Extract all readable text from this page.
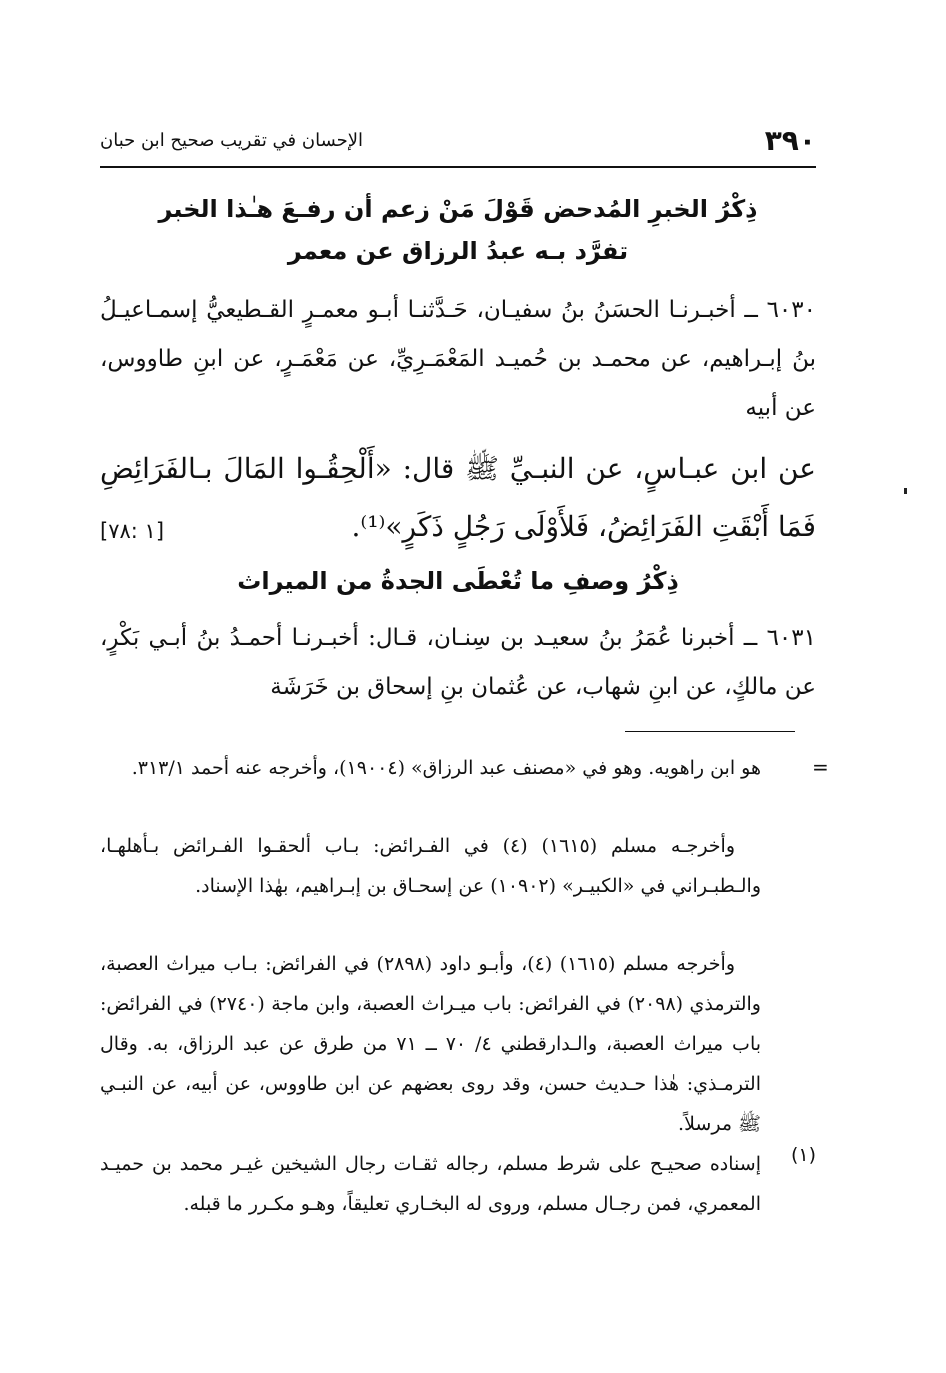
٣٩٠
الإحسان في تقريب صحيح ابن حبان
ذِكْرُ الخبرِ المُدحض قَوْلَ مَنْ زعم أن رفـعَ هـٰذا الخبر
تفرَّد بـه عبدُ الرزاق عن معمر
٦٠٣٠ ــ أخبـرنـا الحسَنُ بنُ سفيـان، حَـدَّثنـا أبـو معمـرٍ القـطيعيُّ إسمـاعيـلُ بنُ إبـراهيم، عن محمـد بن حُميـد المَعْمَـرِيِّ، عن مَعْمَـرٍ، عن ابنِ طاووس، عن أبيه
عن ابن عبـاسٍ، عن النبـيِّ ﷺ قال: «أَلْحِقُـوا المَالَ بـالفَرَائِضِ فَمَا أَبْقَتِ الفَرَائِضُ، فَلأَوْلَى رَجُلٍ ذَكَرٍ»⁽¹⁾.
[١ :٧٨]
ذِكْرُ وصفِ ما تُعْطَى الجدةُ من الميراث
٦٠٣١ ــ أخبرنا عُمَرُ بنُ سعيـد بن سِنـان، قـال: أخبـرنـا أحمـدُ بنُ أبـي بَكْرٍ، عن مالكٍ، عن ابنِ شهاب، عن عُثمان بنِ إسحاق بن خَرَشَة
=
هو ابن راهويه. وهو في «مصنف عبد الرزاق» (١٩٠٠٤)، وأخرجه عنه أحمد ٣١٣/١.
وأخرجـه مسلم (١٦١٥) (٤) في الفـرائض: بـاب ألحقـوا الفـرائض بـأهلهـا، والـطبـراني في «الكبيـر» (١٠٩٠٢) عن إسحـاق بن إبـراهيم، بهٰذا الإسناد.
وأخرجه مسلم (١٦١٥) (٤)، وأبـو داود (٢٨٩٨) في الفرائض: بـاب ميراث العصبة، والترمذي (٢٠٩٨) في الفرائض: باب ميـراث العصبة، وابن ماجة (٢٧٤٠) في الفرائض: باب ميراث العصبة، والـدارقطني ٤/ ٧٠ ــ ٧١ من طرق عن عبد الرزاق، به. وقال الترمـذي: هٰذا حـديث حسن، وقد روى بعضهم عن ابن طاووس، عن أبيه، عن النبـي ﷺ مرسلاً.
(١)
إسناده صحيـح على شرط مسلم، رجاله ثقـات رجال الشيخين غيـر محمد بن حميـد المعمري، فمن رجـال مسلم، وروى له البخـاري تعليقاً، وهـو مكـرر ما قبله.
